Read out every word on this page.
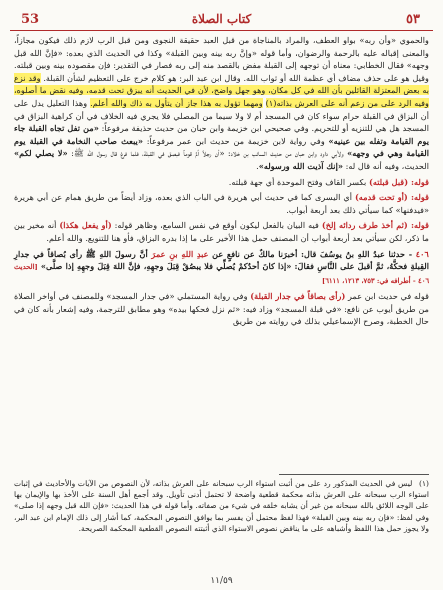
٥٣
كتاب الصلاة
53

والحموي «وأن ربه» بواو العطف، والمراد بالمناجاة من قبل العبد حقيقة النجوى ومن قبل الرب لازم ذلك فيكون مجازاً، والمعنى إقباله عليه بالرحمة والرضوان، وأما قوله «وإنَّ ربه بينه وبين القبلة» وكذا في الحديث الذي بعده: «فإنَّ الله قبل وجهه» فقال الخطابي: معناه أن توجهه إلى القبلة مفض بالقصد منه إلى ربه فصار في التقدير: فإن مقصوده بينه وبين قبلته. وقيل هو على حذف مضاف أي عظمة الله أو ثواب الله. وقال ابن عبد البر: هو كلام خرج على التعظيم لشأن القبلة. وقد نزع به بعض المعتزلة القائلين بأن الله في كل مكان، وهو جهل واضح، لأن في الحديث أنه يبزق تحت قدمه، وفيه نقض ما أصلوه، وفيه الرد على من زعم أنه على العرش بذاته(١) ومهما تؤول به هذا جاز أن يتأول به ذاك والله أعلم. وهذا التعليل يدل على أن البزاق في القبلة حرام سواء كان في المسجد أم لا ولا سيما من المصلي فلا يجري فيه الخلاف في أن كراهية البزاق في المسجد هل هي للتنزيه أو للتحريم. وفي صحيحي ابن خزيمة وابن حبان من حديث حذيفة مرفوعاً: «من تفل تجاه القبلة جاء يوم القيامة وتفله بين عينيه» وفي رواية لابن خزيمة من حديث ابن عمر مرفوعاً: «يبعث صاحب النخامة في القبلة يوم القيامة وهي في وجهه» ولأبي داود وابن حبان من حديث السائب بن خلاد: «أن رجلاً أمَّ قوماً فبصق في القبلة، فلما فرغ قال رسول الله ﷺ: «لا يصلي لكم» الحديث، وفيه أنه قال له: «إنك آذيت الله ورسوله».

قوله: (قبل قبلته) بكسر القاف وفتح الموحدة أي جهة قبلته.

قوله: (أو تحت قدمه) أي اليسرى كما في حديث أبي هريرة في الباب الذي بعده، وزاد أيضاً من طريق همام عن أبي هريرة «فيدفنها» كما سيأتي ذلك بعد أربعة أبواب.

قوله: (ثم أخذ طرف ردائه إلخ) فيه البيان بالفعل ليكون أوقع في نفس السامع، وظاهر قوله: (أو يفعل هكذا) أنه مخير بين ما ذكر، لكن سيأتي بعد أربعة أبواب أن المصنف حمل هذا الأخير على ما إذا بدره البزاق، فأو هنا للتنويع. والله أعلم.

٤٠٦ - حدثنا عبدُ اللهِ بنُ يوسُفَ قال: أخبرَنا مالكٌ عن نافعٍ عن عبدِ اللهِ بنِ عمرَ أنَّ رسولَ اللهِ ﷺ رأى بُصاقاً في جدارِ القِبلةِ فحكَّهُ، ثمَّ أقبلَ على النَّاسِ فقالَ: «إذا كانَ أحدُكمْ يُصلِّي فلا يبصُقْ قِبَلَ وجهِهِ، فإنَّ اللهَ قِبَلَ وجهِهِ إذا صلَّى» [الحديث ٤٠٦ - أطرافه في: ٧٥٣، ١٢١٣، ٦١١١]

قوله في حديث ابن عمر (رأى بصاقاً في جدار القبلة) وفي رواية المستملي «في جدار المسجد» وللمصنف في أواخر الصلاة من طريق أيوب عن نافع: «في قبلة المسجد» وزاد فيه: «ثم نزل فحكها بيده» وهو مطابق للترجمة، وفيه إشعار بأنه كان في حال الخطبة، وصرح الإسماعيلي بذلك في روايته من طريق

(١) ليس في الحديث المذكور رد على من أثبت استواء الرب سبحانه على العرش بذاته، لأن النصوص من الآيات والأحاديث في إثبات استواء الرب سبحانه على العرش بذاته محكمة قطعية واضحة لا تحتمل أدنى تأويل. وقد أجمع أهل السنة على الأخذ بها والإيمان بها على الوجه اللائق بالله سبحانه من غير أن يشابه خلقه في شيء من صفاته. وأما قوله في هذا الحديث: «فإن الله قبل وجهه إذا صلى» وفي لفظ: «فإن ربه بينه وبين القبلة» فهذا لفظ محتمل أن يفسر بما يوافق النصوص المحكمة، كما أشار إلى ذلك الإمام ابن عبد البر، ولا يجوز حمل هذا اللفظ وأشباهه على ما يناقض نصوص الاستواء الذي أثبتته النصوص القطعية المحكمة الصريحة.
١١/٥٩
